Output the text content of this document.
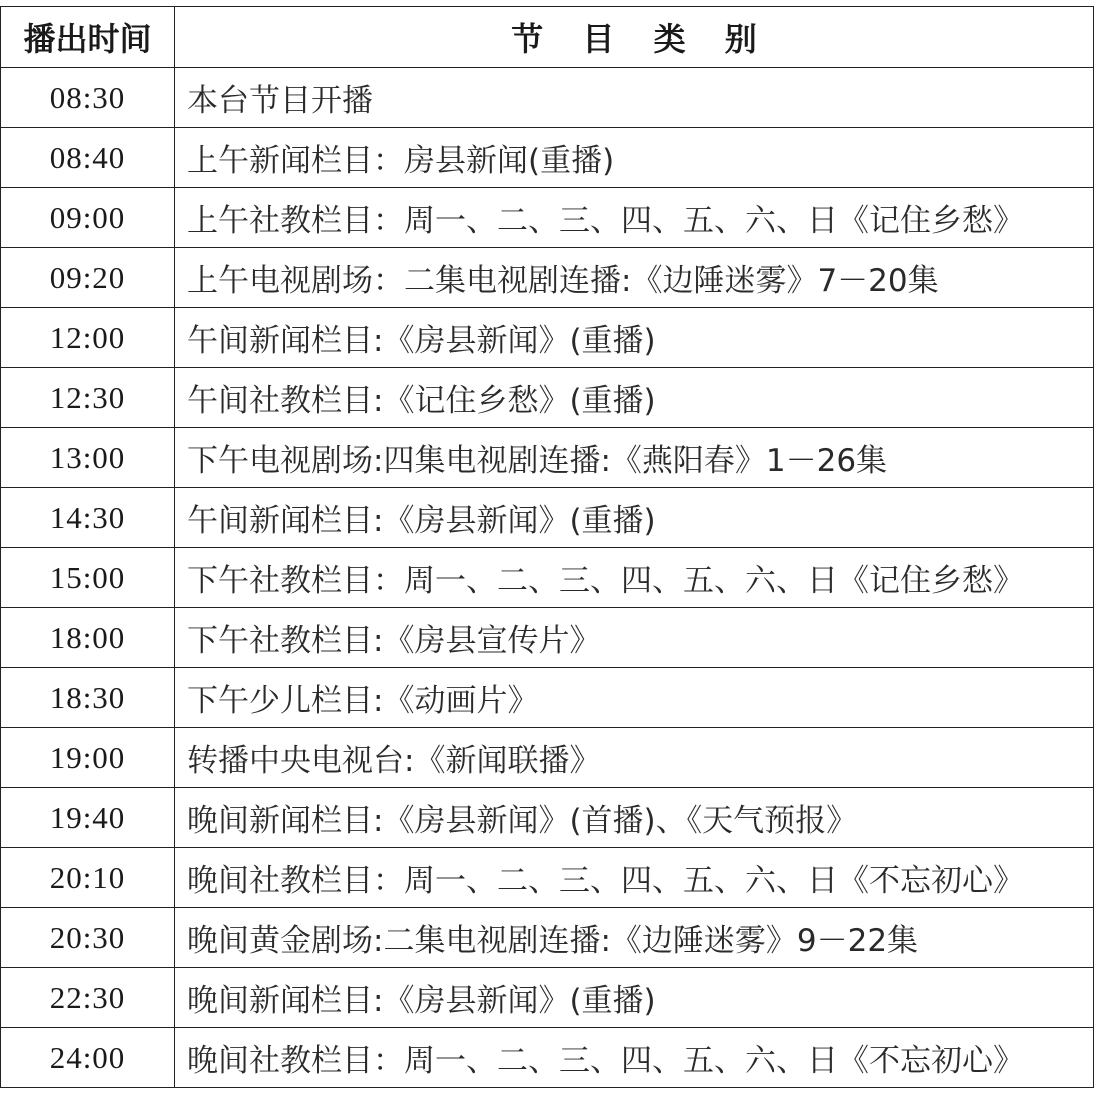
播出时间	节 目 类 别
08:30	本台节目开播
08:40	上午新闻栏目：房县新闻(重播)
09:00	上午社教栏目：周一、二、三、四、五、六、日《记住乡愁》
09:20	上午电视剧场：二集电视剧连播:《边陲迷雾》7－20集
12:00	午间新闻栏目:《房县新闻》(重播)
12:30	午间社教栏目:《记住乡愁》(重播)
13:00	下午电视剧场:四集电视剧连播:《燕阳春》1－26集
14:30	午间新闻栏目:《房县新闻》(重播)
15:00	下午社教栏目：周一、二、三、四、五、六、日《记住乡愁》
18:00	下午社教栏目:《房县宣传片》
18:30	下午少儿栏目:《动画片》
19:00	转播中央电视台:《新闻联播》
19:40	晚间新闻栏目:《房县新闻》(首播)、《天气预报》
20:10	晚间社教栏目：周一、二、三、四、五、六、日《不忘初心》
20:30	晚间黄金剧场:二集电视剧连播:《边陲迷雾》9－22集
22:30	晚间新闻栏目:《房县新闻》(重播)
24:00	晚间社教栏目：周一、二、三、四、五、六、日《不忘初心》
